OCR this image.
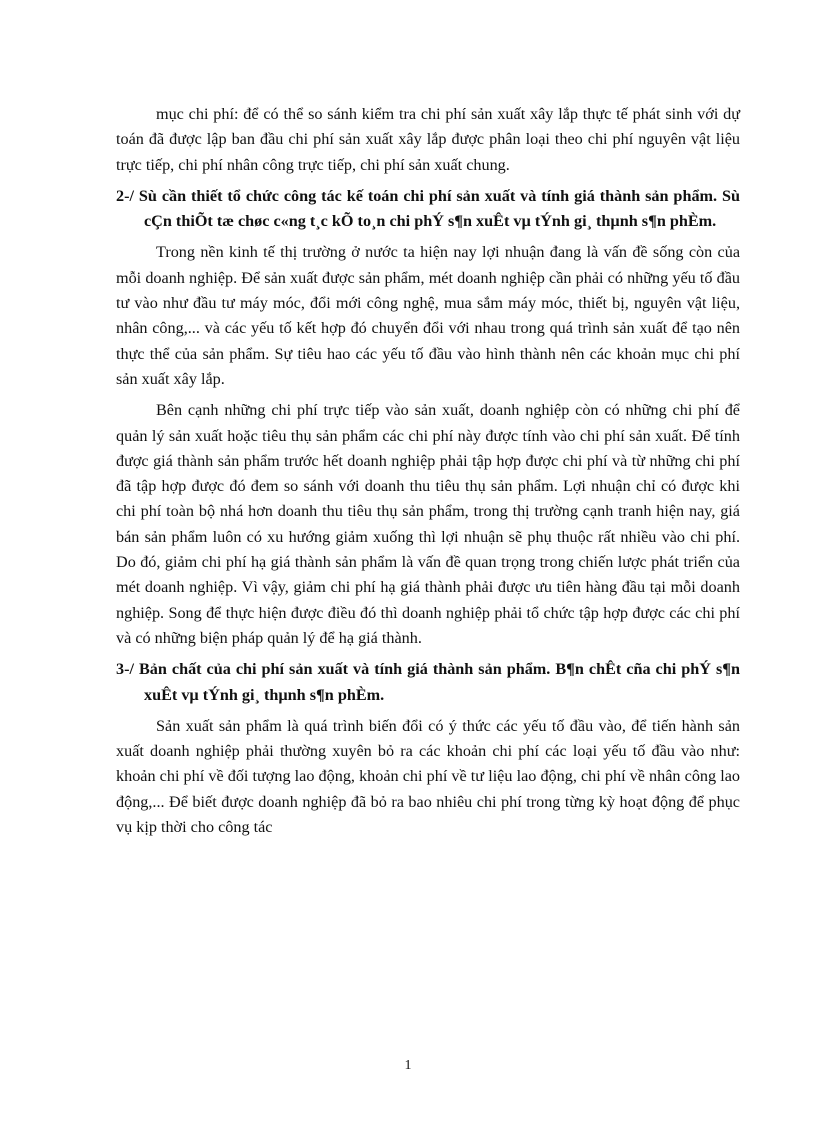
mục chi phí: để có thể so sánh kiểm tra chi phí sản xuất xây lắp thực tế phát sinh với dự toán đã được lập ban đầu chi phí sản xuất xây lắp được phân loại theo chi phí nguyên vật liệu trực tiếp, chi phí nhân công trực tiếp, chi phí sản xuất chung.

2-/ Sù cần thiết tổ chức công tác kế toán chi phí sản xuất và tính giá thành sản phẩm. Sù cÇn thiÕt tæ chøc c«ng t¸c kÕ to¸n chi phÝ s¶n xuÊt vµ tÝnh gi¸ thµnh s¶n phÈm.

Trong nền kinh tế thị trường ở nước ta hiện nay lợi nhuận đang là vấn đề sống còn của mỗi doanh nghiệp. Để sản xuất được sản phẩm, mét doanh nghiệp cần phải có những yếu tố đầu tư vào như đầu tư máy móc, đổi mới công nghệ, mua sắm máy móc, thiết bị, nguyên vật liệu, nhân công,... và các yếu tố kết hợp đó chuyển đổi với nhau trong quá trình sản xuất để tạo nên thực thể của sản phẩm. Sự tiêu hao các yếu tố đầu vào hình thành nên các khoản mục chi phí sản xuất xây lắp.

Bên cạnh những chi phí trực tiếp vào sản xuất, doanh nghiệp còn có những chi phí để quản lý sản xuất hoặc tiêu thụ sản phẩm các chi phí này được tính vào chi phí sản xuất. Để tính được giá thành sản phẩm trước hết doanh nghiệp phải tập hợp được chi phí và từ những chi phí đã tập hợp được đó đem so sánh với doanh thu tiêu thụ sản phẩm. Lợi nhuận chỉ có được khi chi phí toàn bộ nhá hơn doanh thu tiêu thụ sản phẩm, trong thị trường cạnh tranh hiện nay, giá bán sản phẩm luôn có xu hướng giảm xuống thì lợi nhuận sẽ phụ thuộc rất nhiều vào chi phí. Do đó, giảm chi phí hạ giá thành sản phẩm là vấn đề quan trọng trong chiến lược phát triển của mét doanh nghiệp. Vì vậy, giảm chi phí hạ giá thành phải được ưu tiên hàng đầu tại mỗi doanh nghiệp. Song để thực hiện được điều đó thì doanh nghiệp phải tổ chức tập hợp được các chi phí và có những biện pháp quản lý để hạ giá thành.

3-/ Bản chất của chi phí sản xuất và tính giá thành sản phẩm. B¶n chÊt cña chi phÝ s¶n xuÊt vµ tÝnh gi¸ thµnh s¶n phÈm.

Sản xuất sản phẩm là quá trình biến đổi có ý thức các yếu tố đầu vào, để tiến hành sản xuất doanh nghiệp phải thường xuyên bỏ ra các khoản chi phí các loại yếu tố đầu vào như: khoản chi phí về đối tượng lao động, khoản chi phí về tư liệu lao động, chi phí về nhân công lao động,... Để biết được doanh nghiệp đã bỏ ra bao nhiêu chi phí trong từng kỳ hoạt động để phục vụ kịp thời cho công tác

1
